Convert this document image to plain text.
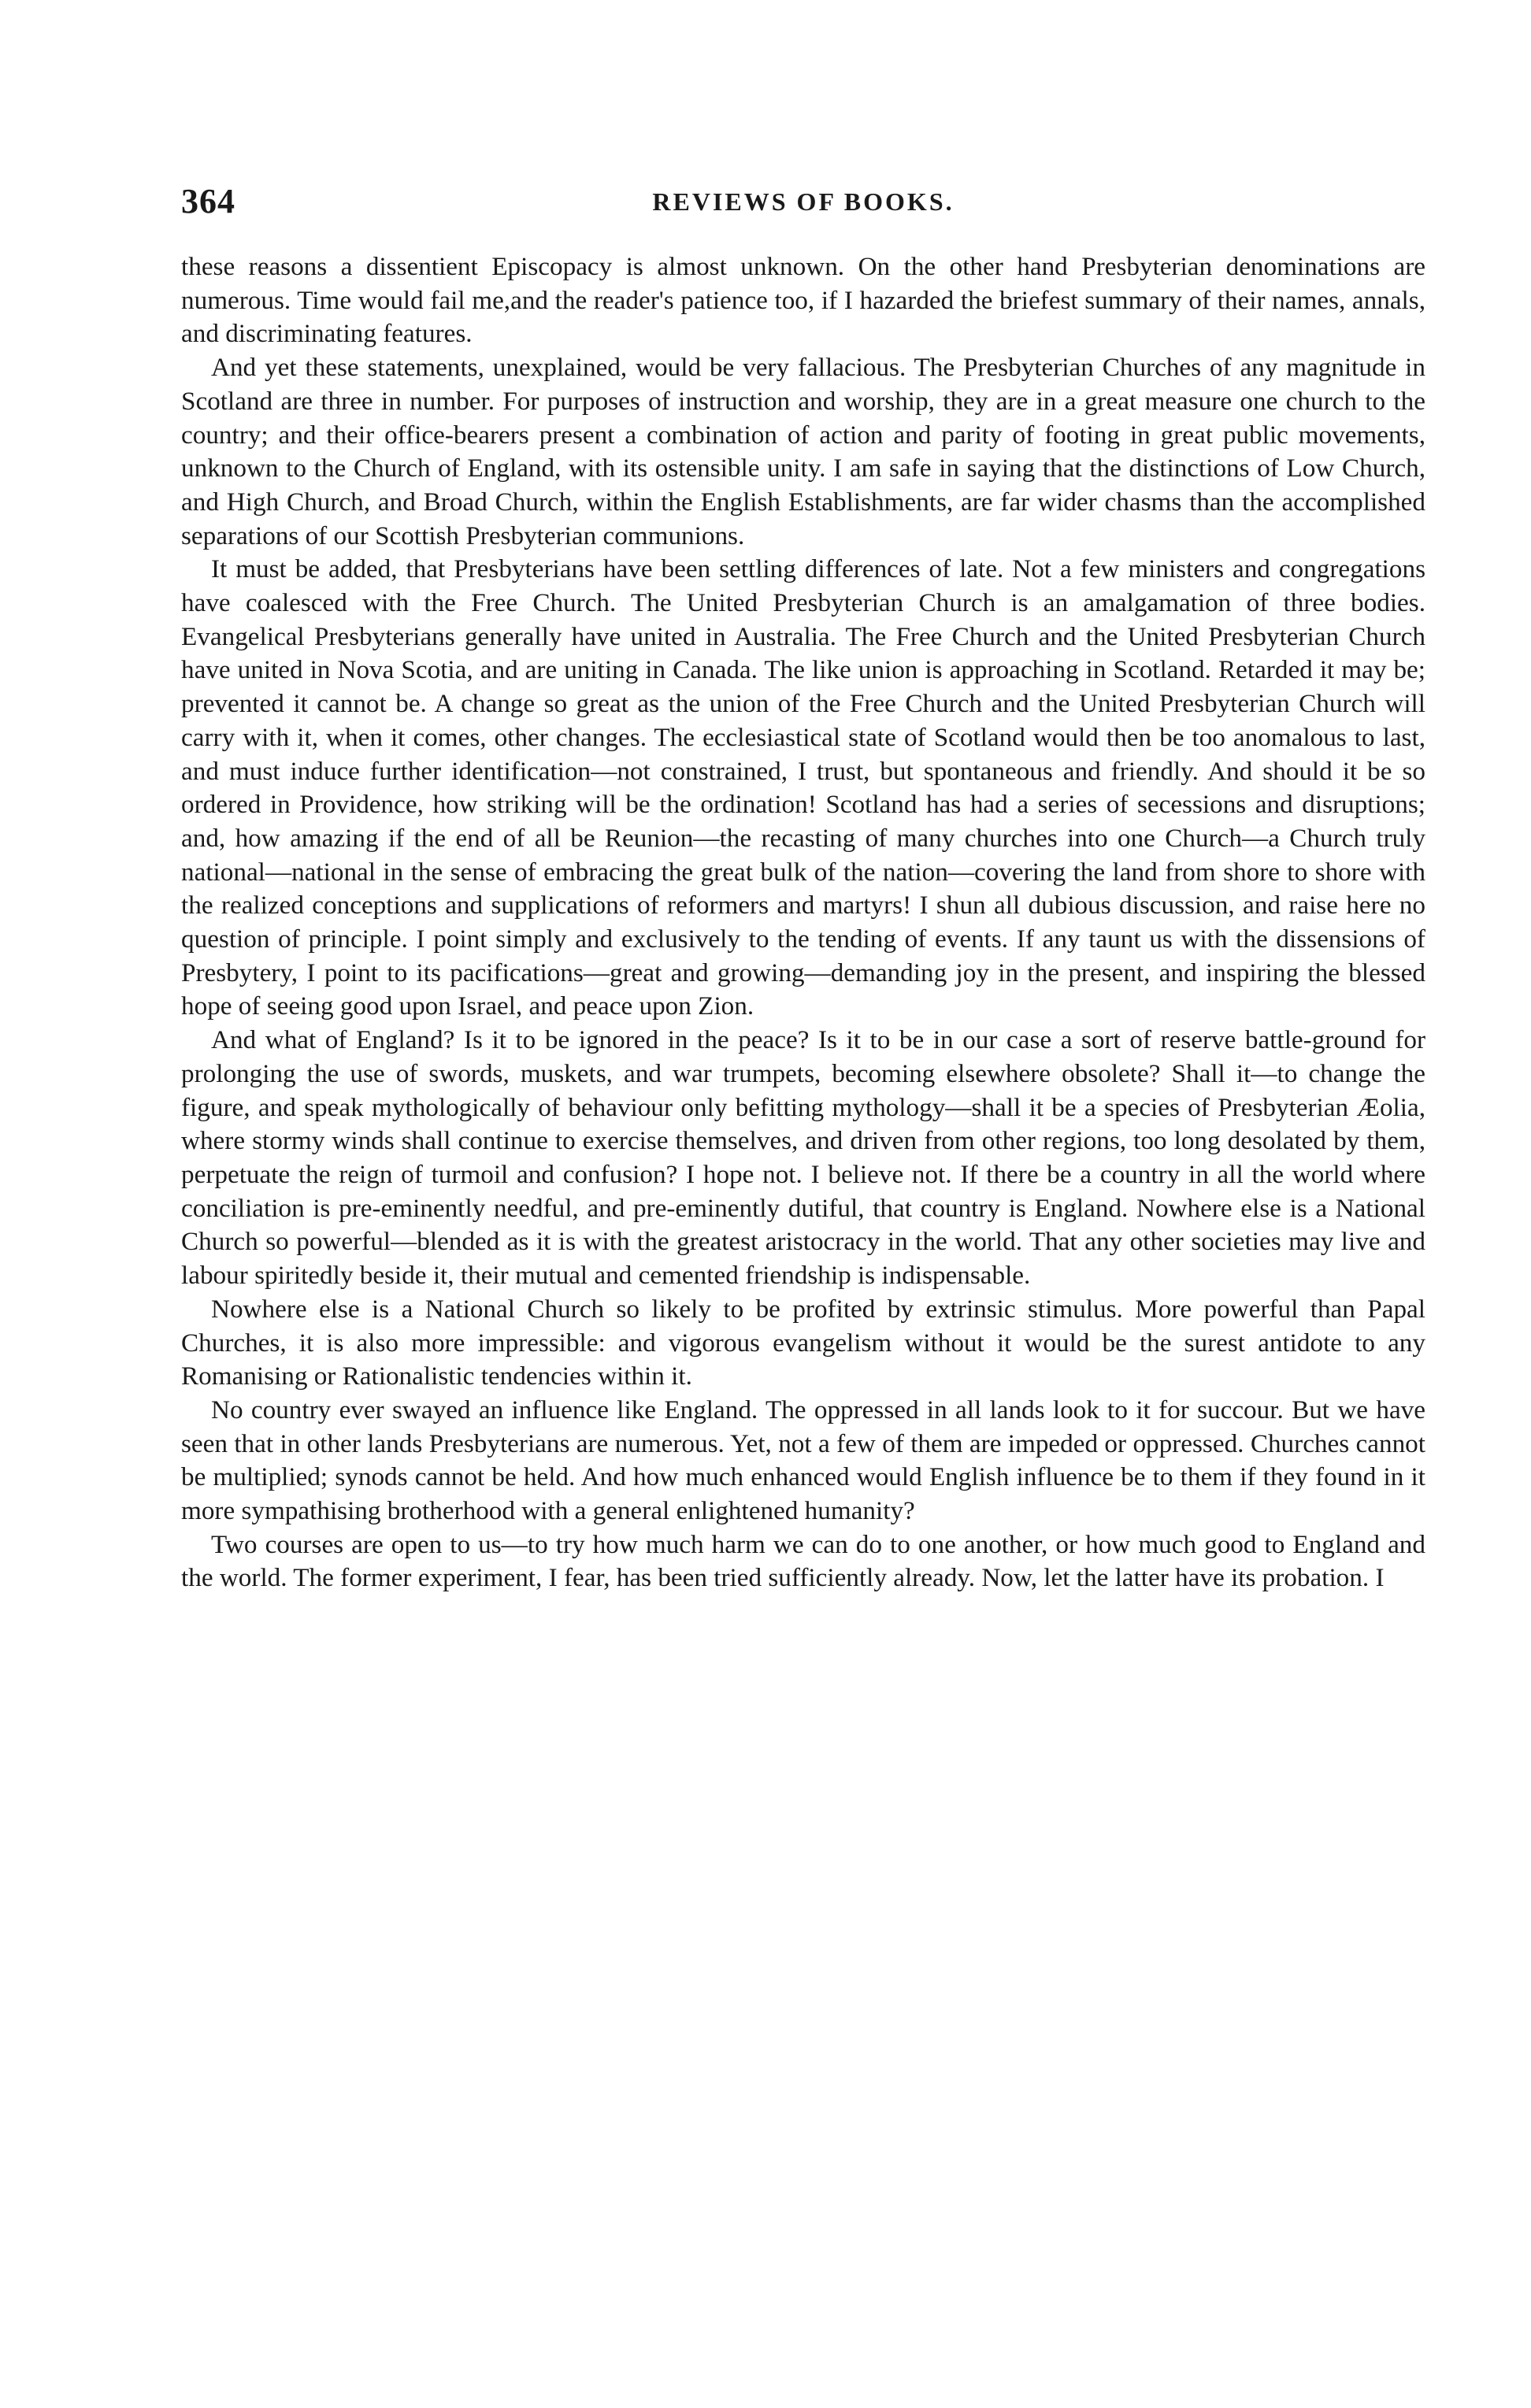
364	REVIEWS OF BOOKS.

these reasons a dissentient Episcopacy is almost unknown. On the other hand Presbyterian denominations are numerous. Time would fail me,and the reader's patience too, if I hazarded the briefest summary of their names, annals, and discriminating features.

And yet these statements, unexplained, would be very fallacious. The Presbyterian Churches of any magnitude in Scotland are three in number. For purposes of instruction and worship, they are in a great measure one church to the country; and their office-bearers present a combination of action and parity of footing in great public movements, unknown to the Church of England, with its ostensible unity. I am safe in saying that the distinctions of Low Church, and High Church, and Broad Church, within the English Establishments, are far wider chasms than the accomplished separations of our Scottish Presbyterian communions.

It must be added, that Presbyterians have been settling differences of late. Not a few ministers and congregations have coalesced with the Free Church. The United Presbyterian Church is an amalgamation of three bodies. Evangelical Presbyterians generally have united in Australia. The Free Church and the United Presbyterian Church have united in Nova Scotia, and are uniting in Canada. The like union is approaching in Scotland. Retarded it may be; prevented it cannot be. A change so great as the union of the Free Church and the United Presbyterian Church will carry with it, when it comes, other changes. The ecclesiastical state of Scotland would then be too anomalous to last, and must induce further identification—not constrained, I trust, but spontaneous and friendly. And should it be so ordered in Providence, how striking will be the ordination! Scotland has had a series of secessions and disruptions; and, how amazing if the end of all be Reunion—the recasting of many churches into one Church—a Church truly national—national in the sense of embracing the great bulk of the nation—covering the land from shore to shore with the realized conceptions and supplications of reformers and martyrs! I shun all dubious discussion, and raise here no question of principle. I point simply and exclusively to the tending of events. If any taunt us with the dissensions of Presbytery, I point to its pacifications—great and growing—demanding joy in the present, and inspiring the blessed hope of seeing good upon Israel, and peace upon Zion.

And what of England? Is it to be ignored in the peace? Is it to be in our case a sort of reserve battle-ground for prolonging the use of swords, muskets, and war trumpets, becoming elsewhere obsolete? Shall it—to change the figure, and speak mythologically of behaviour only befitting mythology—shall it be a species of Presbyterian Æolia, where stormy winds shall continue to exercise themselves, and driven from other regions, too long desolated by them, perpetuate the reign of turmoil and confusion? I hope not. I believe not. If there be a country in all the world where conciliation is pre-eminently needful, and pre-eminently dutiful, that country is England. Nowhere else is a National Church so powerful—blended as it is with the greatest aristocracy in the world. That any other societies may live and labour spiritedly beside it, their mutual and cemented friendship is indispensable.

Nowhere else is a National Church so likely to be profited by extrinsic stimulus. More powerful than Papal Churches, it is also more impressible: and vigorous evangelism without it would be the surest antidote to any Romanising or Rationalistic tendencies within it.

No country ever swayed an influence like England. The oppressed in all lands look to it for succour. But we have seen that in other lands Presbyterians are numerous. Yet, not a few of them are impeded or oppressed. Churches cannot be multiplied; synods cannot be held. And how much enhanced would English influence be to them if they found in it more sympathising brotherhood with a general enlightened humanity?

Two courses are open to us—to try how much harm we can do to one another, or how much good to England and the world. The former experiment, I fear, has been tried sufficiently already. Now, let the latter have its probation. I
